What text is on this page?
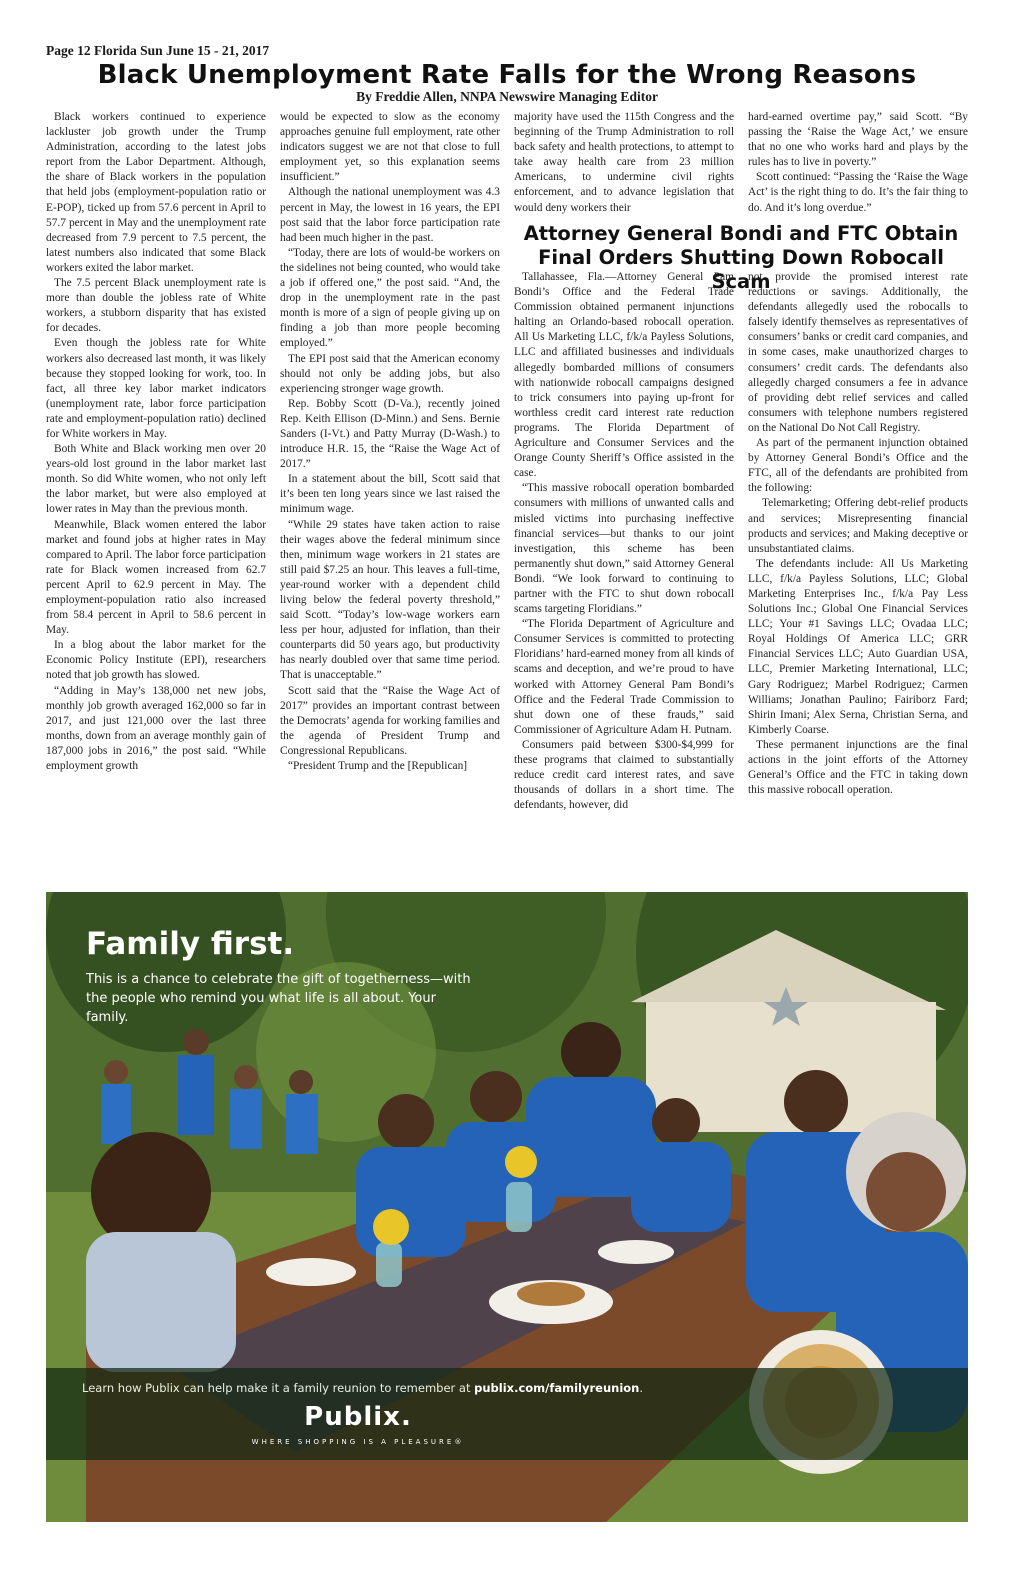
Page 12 Florida Sun June 15 - 21, 2017
Black Unemployment Rate Falls for the Wrong Reasons
By Freddie Allen, NNPA Newswire Managing Editor

Black workers continued to experience lackluster job growth under the Trump Administration, according to the latest jobs report from the Labor Department. Although, the share of Black workers in the population that held jobs (employment-population ratio or E-POP), ticked up from 57.6 percent in April to 57.7 percent in May and the unemployment rate decreased from 7.9 percent to 7.5 percent, the latest numbers also indicated that some Black workers exited the labor market.

The 7.5 percent Black unemployment rate is more than double the jobless rate of White workers, a stubborn disparity that has existed for decades.

Even though the jobless rate for White workers also decreased last month, it was likely because they stopped looking for work, too. In fact, all three key labor market indicators (unemployment rate, labor force participation rate and employment-population ratio) declined for White workers in May.

Both White and Black working men over 20 years-old lost ground in the labor market last month. So did White women, who not only left the labor market, but were also employed at lower rates in May than the previous month.

Meanwhile, Black women entered the labor market and found jobs at higher rates in May compared to April. The labor force participation rate for Black women increased from 62.7 percent April to 62.9 percent in May. The employment-population ratio also increased from 58.4 percent in April to 58.6 percent in May.

In a blog about the labor market for the Economic Policy Institute (EPI), researchers noted that job growth has slowed.

“Adding in May’s 138,000 net new jobs, monthly job growth averaged 162,000 so far in 2017, and just 121,000 over the last three months, down from an average monthly gain of 187,000 jobs in 2016,” the post said. “While employment growth

would be expected to slow as the economy approaches genuine full employment, rate other indicators suggest we are not that close to full employment yet, so this explanation seems insufficient.”

Although the national unemployment was 4.3 percent in May, the lowest in 16 years, the EPI post said that the labor force participation rate had been much higher in the past.

“Today, there are lots of would-be workers on the sidelines not being counted, who would take a job if offered one,” the post said. “And, the drop in the unemployment rate in the past month is more of a sign of people giving up on finding a job than more people becoming employed.”

The EPI post said that the American economy should not only be adding jobs, but also experiencing stronger wage growth.

Rep. Bobby Scott (D-Va.), recently joined Rep. Keith Ellison (D-Minn.) and Sens. Bernie Sanders (I-Vt.) and Patty Murray (D-Wash.) to introduce H.R. 15, the “Raise the Wage Act of 2017.”

In a statement about the bill, Scott said that it’s been ten long years since we last raised the minimum wage.

“While 29 states have taken action to raise their wages above the federal minimum since then, minimum wage workers in 21 states are still paid $7.25 an hour. This leaves a full-time, year-round worker with a dependent child living below the federal poverty threshold,” said Scott. “Today’s low-wage workers earn less per hour, adjusted for inflation, than their counterparts did 50 years ago, but productivity has nearly doubled over that same time period. That is unacceptable.”

Scott said that the “Raise the Wage Act of 2017” provides an important contrast between the Democrats’ agenda for working families and the agenda of President Trump and Congressional Republicans.

“President Trump and the [Republican]

majority have used the 115th Congress and the beginning of the Trump Administration to roll back safety and health protections, to attempt to take away health care from 23 million Americans, to undermine civil rights enforcement, and to advance legislation that would deny workers their

hard-earned overtime pay,” said Scott. “By passing the ‘Raise the Wage Act,’ we ensure that no one who works hard and plays by the rules has to live in poverty.”

Scott continued: “Passing the ‘Raise the Wage Act’ is the right thing to do. It’s the fair thing to do. And it’s long overdue.”

Attorney General Bondi and FTC Obtain Final Orders Shutting Down Robocall Scam

Tallahassee, Fla.—Attorney General Pam Bondi’s Office and the Federal Trade Commission obtained permanent injunctions halting an Orlando-based robocall operation. All Us Marketing LLC, f/k/a Payless Solutions, LLC and affiliated businesses and individuals allegedly bombarded millions of consumers with nationwide robocall campaigns designed to trick consumers into paying up-front for worthless credit card interest rate reduction programs. The Florida Department of Agriculture and Consumer Services and the Orange County Sheriff’s Office assisted in the case.

“This massive robocall operation bombarded consumers with millions of unwanted calls and misled victims into purchasing ineffective financial services—but thanks to our joint investigation, this scheme has been permanently shut down,” said Attorney General Bondi. “We look forward to continuing to partner with the FTC to shut down robocall scams targeting Floridians.”

“The Florida Department of Agriculture and Consumer Services is committed to protecting Floridians’ hard-earned money from all kinds of scams and deception, and we’re proud to have worked with Attorney General Pam Bondi’s Office and the Federal Trade Commission to shut down one of these frauds,” said Commissioner of Agriculture Adam H. Putnam.

Consumers paid between $300-$4,999 for these programs that claimed to substantially reduce credit card interest rates, and save thousands of dollars in a short time. The defendants, however, did

not provide the promised interest rate reductions or savings. Additionally, the defendants allegedly used the robocalls to falsely identify themselves as representatives of consumers’ banks or credit card companies, and in some cases, make unauthorized charges to consumers’ credit cards. The defendants also allegedly charged consumers a fee in advance of providing debt relief services and called consumers with telephone numbers registered on the National Do Not Call Registry.

As part of the permanent injunction obtained by Attorney General Bondi’s Office and the FTC, all of the defendants are prohibited from the following:

Telemarketing; Offering debt-relief products and services; Misrepresenting financial products and services; and Making deceptive or unsubstantiated claims.

The defendants include: All Us Marketing LLC, f/k/a Payless Solutions, LLC; Global Marketing Enterprises Inc., f/k/a Pay Less Solutions Inc.; Global One Financial Services LLC; Your #1 Savings LLC; Ovadaa LLC; Royal Holdings Of America LLC; GRR Financial Services LLC; Auto Guardian USA, LLC, Premier Marketing International, LLC; Gary Rodriguez; Marbel Rodriguez; Carmen Williams; Jonathan Paulino; Fairiborz Fard; Shirin Imani; Alex Serna, Christian Serna, and Kimberly Coarse.

These permanent injunctions are the final actions in the joint efforts of the Attorney General’s Office and the FTC in taking down this massive robocall operation.

Family first.
This is a chance to celebrate the gift of togetherness—with the people who remind you what life is all about. Your family.
Learn how Publix can help make it a family reunion to remember at publix.com/familyreunion.
Publix.
WHERE SHOPPING IS A PLEASURE®
